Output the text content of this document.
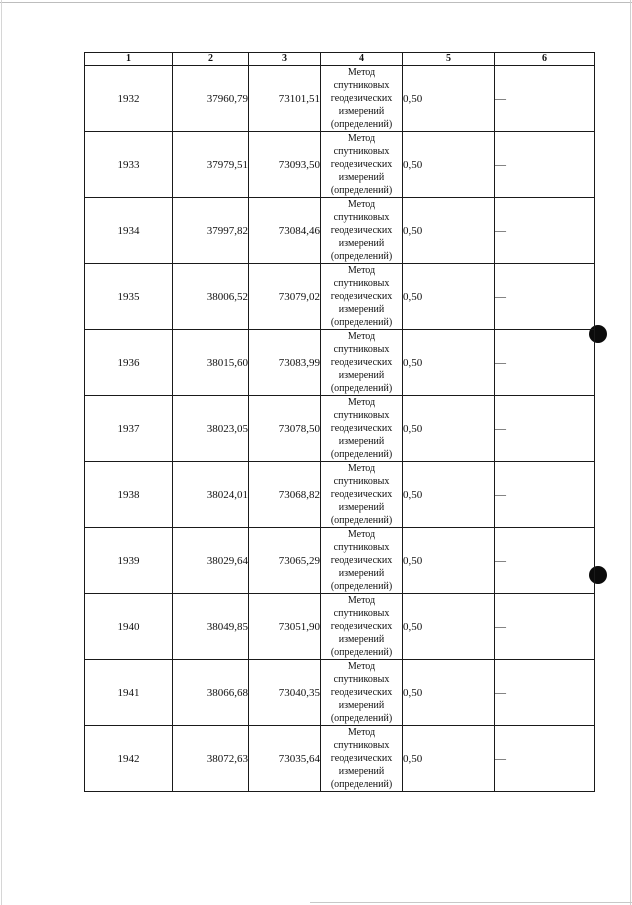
1	2	3	4	5	6
1932	37960,79	73101,51	Метод
спутниковых
геодезических
измерений
(определений)	0,50	—
1933	37979,51	73093,50	Метод
спутниковых
геодезических
измерений
(определений)	0,50	—
1934	37997,82	73084,46	Метод
спутниковых
геодезических
измерений
(определений)	0,50	—
1935	38006,52	73079,02	Метод
спутниковых
геодезических
измерений
(определений)	0,50	—
1936	38015,60	73083,99	Метод
спутниковых
геодезических
измерений
(определений)	0,50	—
1937	38023,05	73078,50	Метод
спутниковых
геодезических
измерений
(определений)	0,50	—
1938	38024,01	73068,82	Метод
спутниковых
геодезических
измерений
(определений)	0,50	—
1939	38029,64	73065,29	Метод
спутниковых
геодезических
измерений
(определений)	0,50	—
1940	38049,85	73051,90	Метод
спутниковых
геодезических
измерений
(определений)	0,50	—
1941	38066,68	73040,35	Метод
спутниковых
геодезических
измерений
(определений)	0,50	—
1942	38072,63	73035,64	Метод
спутниковых
геодезических
измерений
(определений)	0,50	—
